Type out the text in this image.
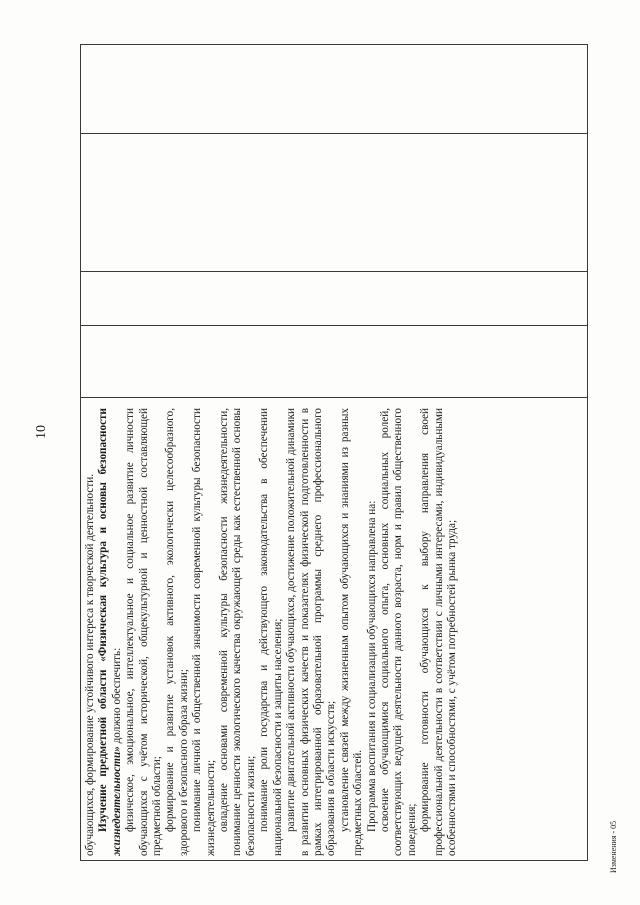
10

обучающихся, формирование устойчивого интереса к творческой деятельности. Изучение предметной области «Физическая культура и основы безопасности жизнедеятельности» должно обеспечить: физическое, эмоциональное, интеллектуальное и социальное развитие личности обучающихся с учётом исторической, общекультурной и ценностной составляющей предметной области; формирование и развитие установок активного, экологически целесообразного, здорового и безопасного образа жизни; понимание личной и общественной значимости современной культуры безопасности жизнедеятельности; овладение основами современной культуры безопасности жизнедеятельности, понимание ценности экологического качества окружающей среды как естественной основы безопасности жизни; понимание роли государства и действующего законодательства в обеспечении национальной безопасности и защиты населения; развитие двигательной активности обучающихся, достижение положительной динамики в развитии основных физических качеств и показателях физической подготовленности в рамках интегрированной образовательной программы среднего профессионального образования в области искусств; установление связей между жизненным опытом обучающихся и знаниями из разных предметных областей. Программа воспитания и социализации обучающихся направлена на: освоение обучающимися социального опыта, основных социальных ролей, соответствующих ведущей деятельности данного возраста, норм и правил общественного поведения; формирование готовности обучающихся к выбору направления своей профессиональной деятельности в соответствии с личными интересами, индивидуальными особенностями и способностями, с учётом потребностей рынка труда;	Изменения - 05
